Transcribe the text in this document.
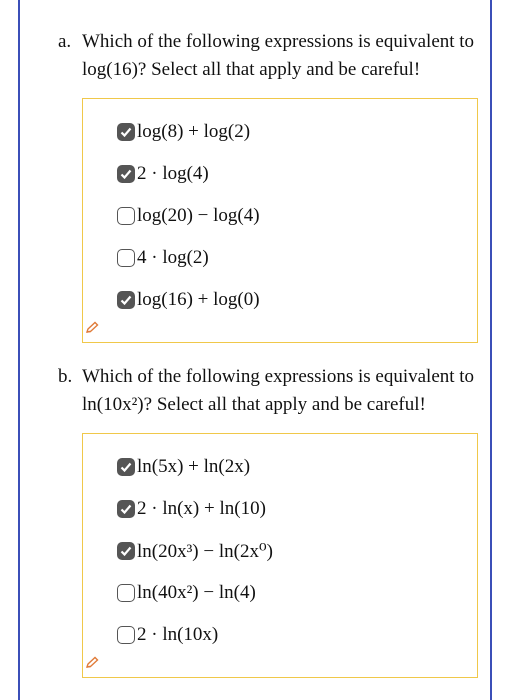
a. Which of the following expressions is equivalent to log(16)? Select all that apply and be careful!
log(8) + log(2)
2 · log(4)
log(20) − log(4)
4 · log(2)
log(16) + log(0)
b. Which of the following expressions is equivalent to ln(10x²)? Select all that apply and be careful!
ln(5x) + ln(2x)
2 · ln(x) + ln(10)
ln(20x³) − ln(2x⁰)
ln(40x²) − ln(4)
2 · ln(10x)
